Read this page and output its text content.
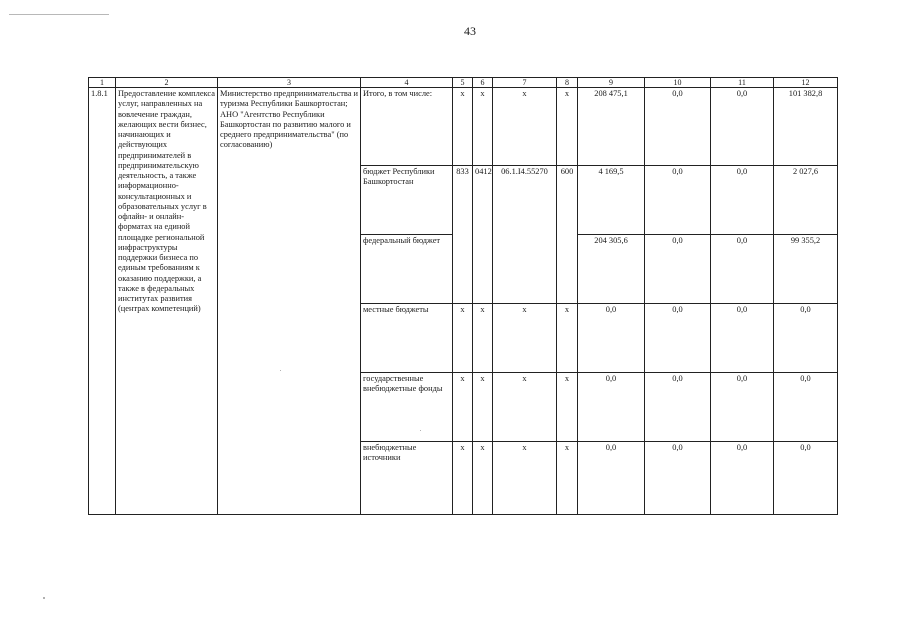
43
1	2	3	4	5	6	7	8	9	10	11	12
1.8.1	Предоставление комплекса услуг, направленных на вовлечение граждан, желающих вести бизнес, начинающих и действующих предпринимателей в предпринимательскую деятельность, а также информационно-консультационных и образовательных услуг в офлайн- и онлайн-форматах на единой площадке региональной инфраструктуры поддержки бизнеса по единым требованиям к оказанию поддержки, а также в федеральных институтах развития (центрах компетенций)	Министерство предпринимательства и туризма Республики Башкортостан; АНО "Агентство Республики Башкортостан по развитию малого и среднего предпринимательства" (по согласованию)	Итого, в том числе:	x	x	x	x	208 475,1	0,0	0,0	101 382,8
			бюджет Республики Башкортостан	833	0412	06.1.I4.55270	600	4 169,5	0,0	0,0	2 027,6
			федеральный бюджет					204 305,6	0,0	0,0	99 355,2
			местные бюджеты	x	x	x	x	0,0	0,0	0,0	0,0
			государственные внебюджетные фонды	x	x	x	x	0,0	0,0	0,0	0,0
			внебюджетные источники	x	x	x	x	0,0	0,0	0,0	0,0
